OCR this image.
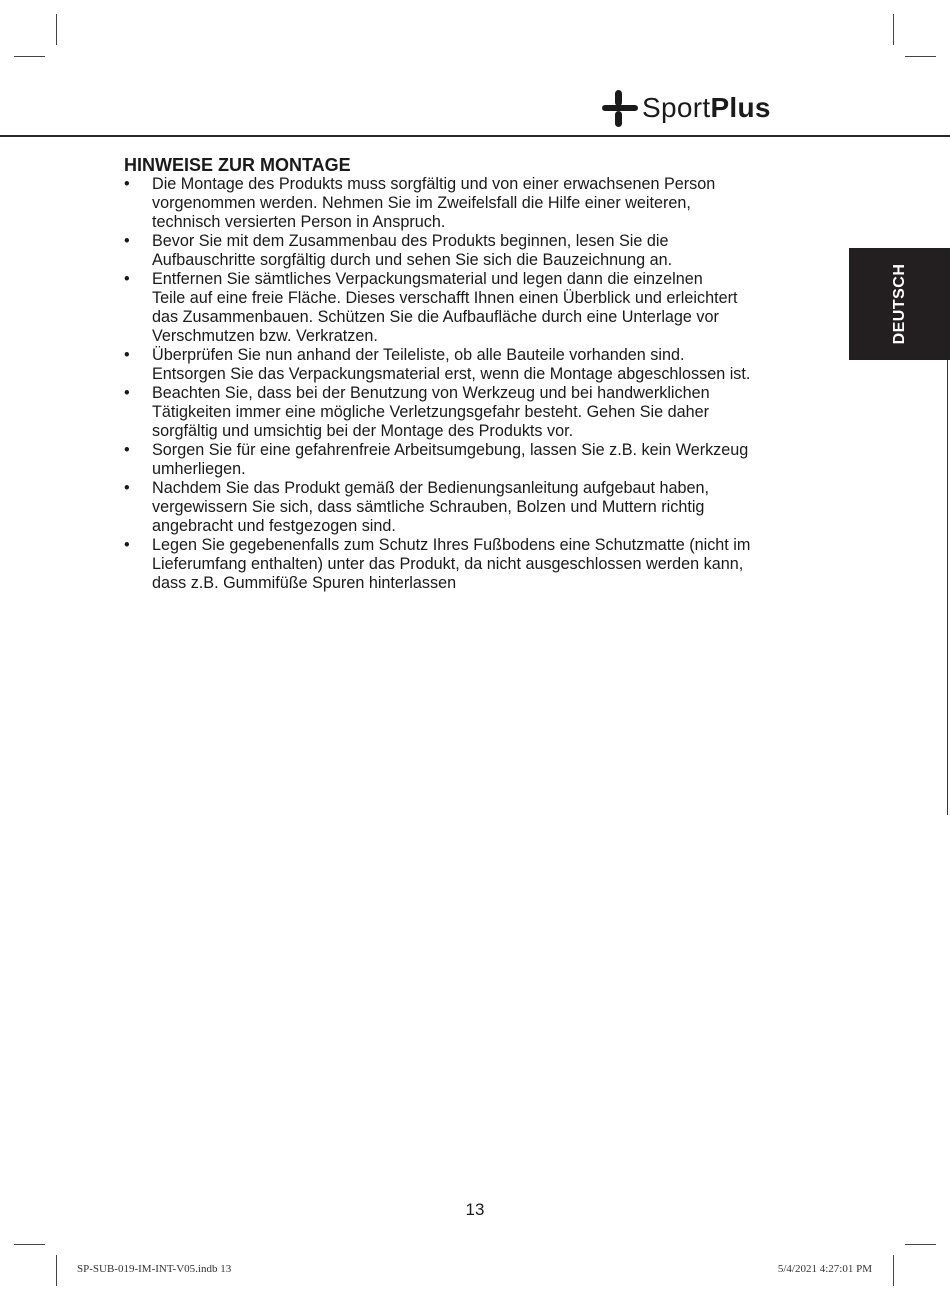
SportPlus
DEUTSCH
HINWEISE ZUR MONTAGE
• Die Montage des Produkts muss sorgfältig und von einer erwachsenen Person
vorgenommen werden. Nehmen Sie im Zweifelsfall die Hilfe einer weiteren,
technisch versierten Person in Anspruch.
• Bevor Sie mit dem Zusammenbau des Produkts beginnen, lesen Sie die
Aufbauschritte sorgfältig durch und sehen Sie sich die Bauzeichnung an.
• Entfernen Sie sämtliches Verpackungsmaterial und legen dann die einzelnen
Teile auf eine freie Fläche. Dieses verschafft Ihnen einen Überblick und erleichtert
das Zusammenbauen. Schützen Sie die Aufbaufläche durch eine Unterlage vor
Verschmutzen bzw. Verkratzen.
• Überprüfen Sie nun anhand der Teileliste, ob alle Bauteile vorhanden sind.
Entsorgen Sie das Verpackungsmaterial erst, wenn die Montage abgeschlossen ist.
• Beachten Sie, dass bei der Benutzung von Werkzeug und bei handwerklichen
Tätigkeiten immer eine mögliche Verletzungsgefahr besteht. Gehen Sie daher
sorgfältig und umsichtig bei der Montage des Produkts vor.
• Sorgen Sie für eine gefahrenfreie Arbeitsumgebung, lassen Sie z.B. kein Werkzeug
umherliegen.
• Nachdem Sie das Produkt gemäß der Bedienungsanleitung aufgebaut haben,
vergewissern Sie sich, dass sämtliche Schrauben, Bolzen und Muttern richtig
angebracht und festgezogen sind.
• Legen Sie gegebenenfalls zum Schutz Ihres Fußbodens eine Schutzmatte (nicht im
Lieferumfang enthalten) unter das Produkt, da nicht ausgeschlossen werden kann,
dass z.B. Gummifüße Spuren hinterlassen
13
SP-SUB-019-IM-INT-V05.indb 13	5/4/2021 4:27:01 PM
